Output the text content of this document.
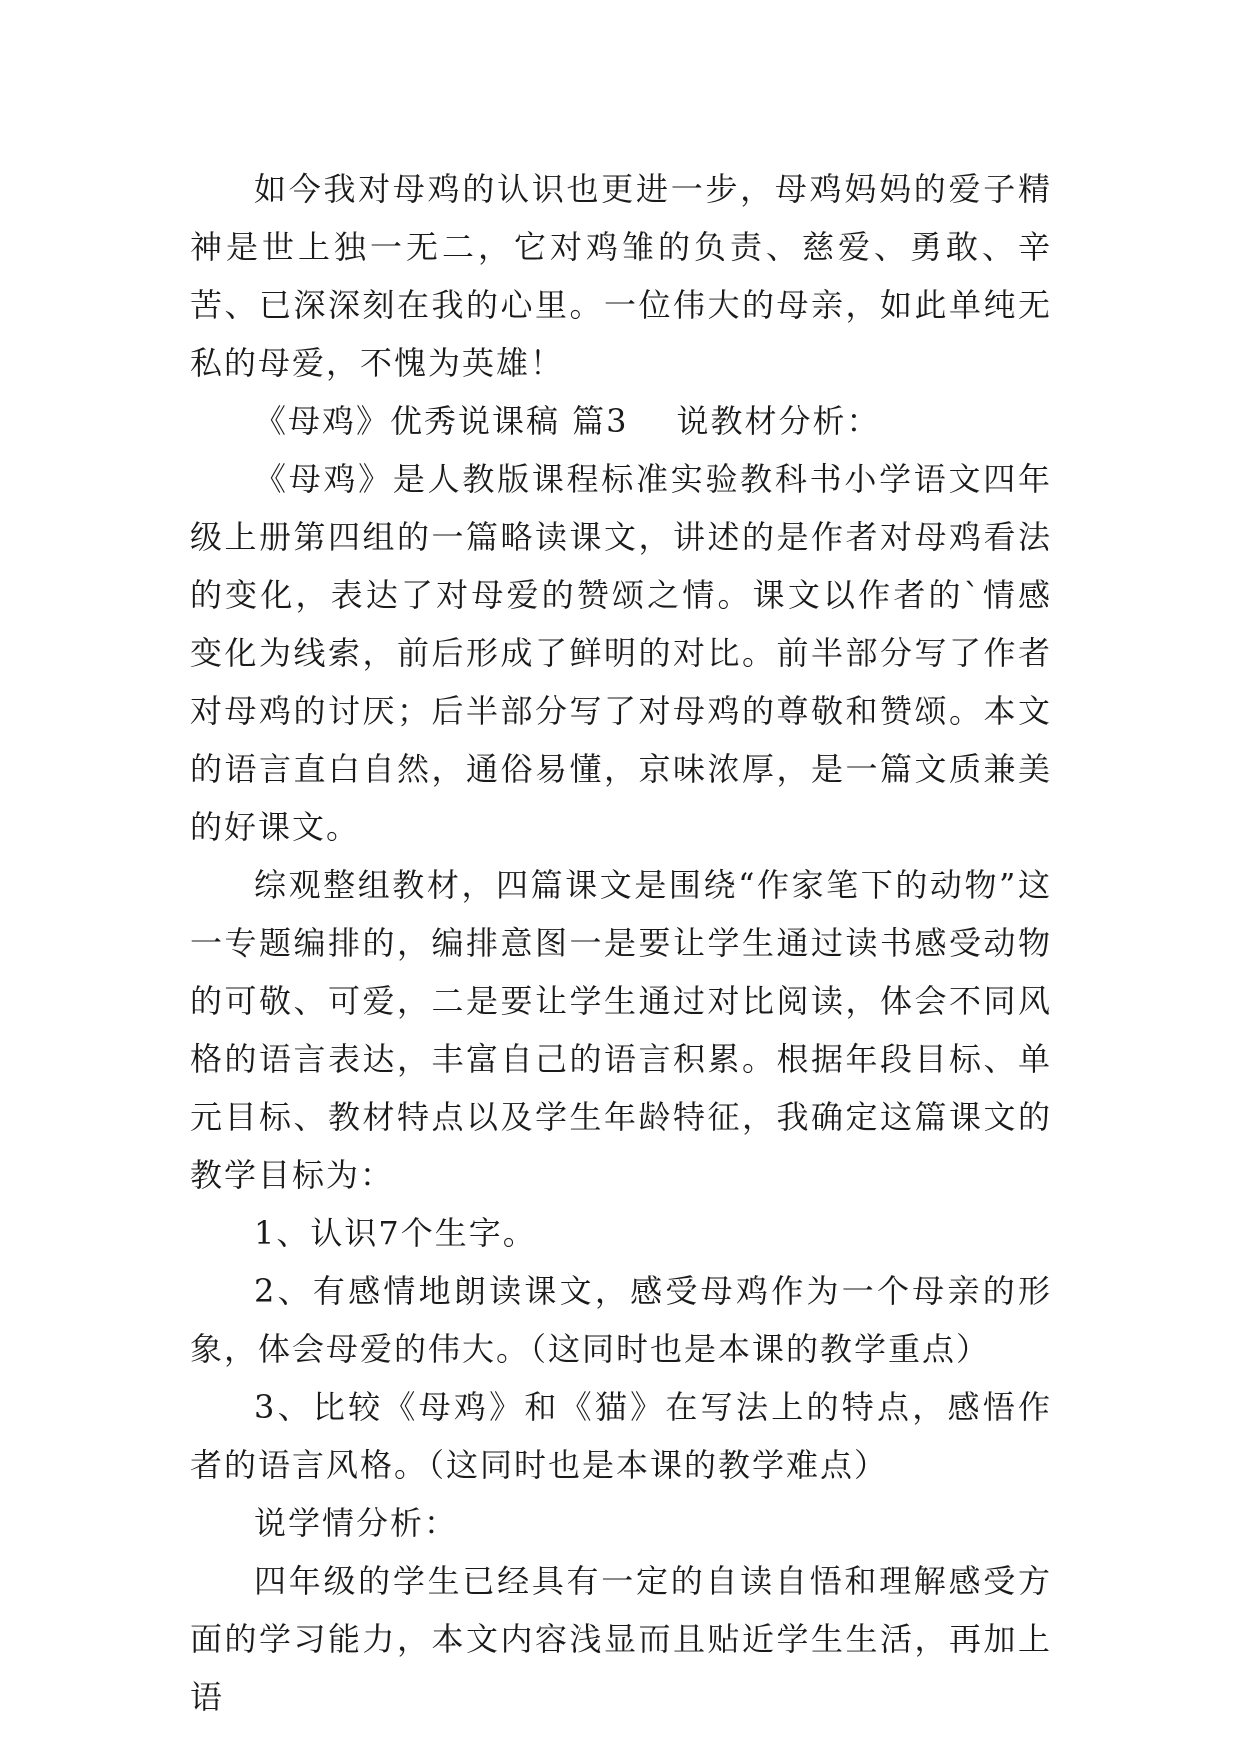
如今我对母鸡的认识也更进一步，母鸡妈妈的爱子精神是世上独一无二，它对鸡雏的负责、慈爱、勇敢、辛苦、已深深刻在我的心里。一位伟大的母亲，如此单纯无私的母爱，不愧为英雄！

《母鸡》优秀说课稿 篇3 说教材分析：

《母鸡》是人教版课程标准实验教科书小学语文四年级上册第四组的一篇略读课文，讲述的是作者对母鸡看法的变化，表达了对母爱的赞颂之情。课文以作者的`情感变化为线索，前后形成了鲜明的对比。前半部分写了作者对母鸡的讨厌；后半部分写了对母鸡的尊敬和赞颂。本文的语言直白自然，通俗易懂，京味浓厚，是一篇文质兼美的好课文。

综观整组教材，四篇课文是围绕“作家笔下的动物”这一专题编排的，编排意图一是要让学生通过读书感受动物的可敬、可爱，二是要让学生通过对比阅读，体会不同风格的语言表达，丰富自己的语言积累。根据年段目标、单元目标、教材特点以及学生年龄特征，我确定这篇课文的教学目标为：

1、认识7个生字。

2、有感情地朗读课文，感受母鸡作为一个母亲的形象，体会母爱的伟大。（这同时也是本课的教学重点）

3、比较《母鸡》和《猫》在写法上的特点，感悟作者的语言风格。（这同时也是本课的教学难点）

说学情分析：

四年级的学生已经具有一定的自读自悟和理解感受方面的学习能力，本文内容浅显而且贴近学生生活，再加上语
